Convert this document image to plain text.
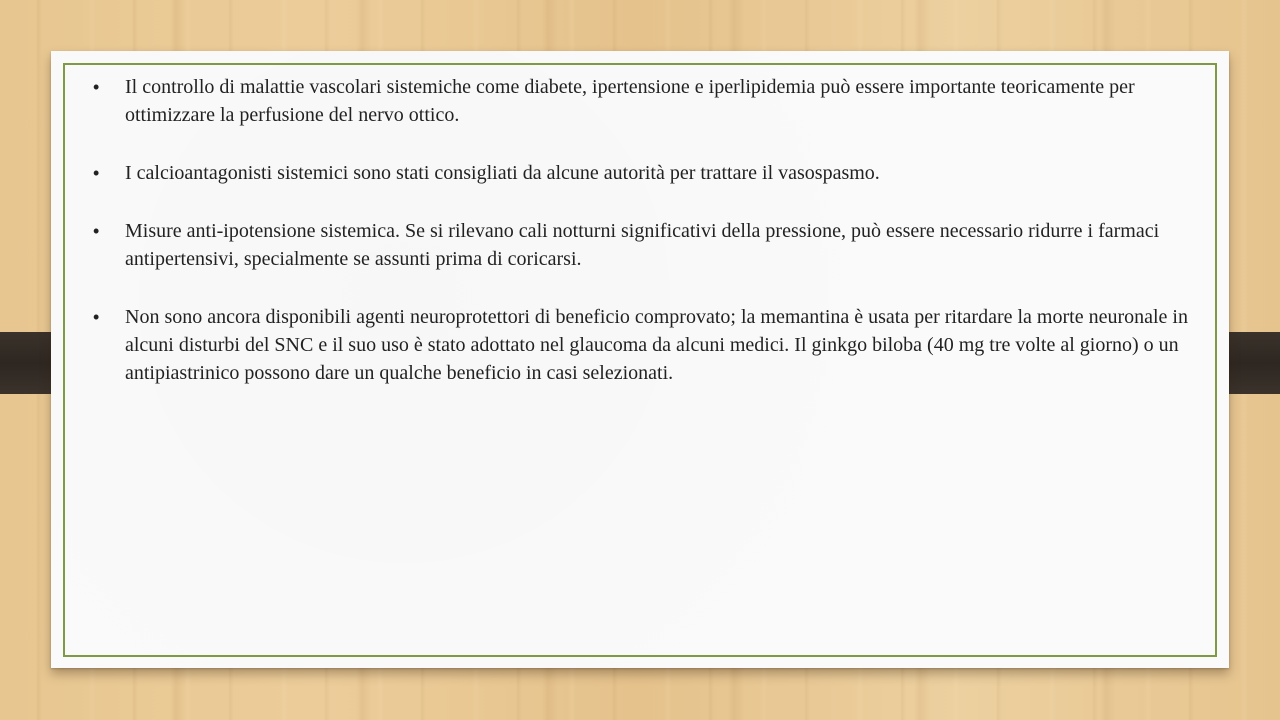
• Il controllo di malattie vascolari sistemiche come diabete, ipertensione e iperlipidemia può essere importante teoricamente per ottimizzare la perfusione del nervo ottico.
• I calcioantagonisti sistemici sono stati consigliati da alcune autorità per trattare il vasospasmo.
• Misure anti-ipotensione sistemica. Se si rilevano cali notturni significativi della pressione, può essere necessario ridurre i farmaci antipertensivi, specialmente se assunti prima di coricarsi.
• Non sono ancora disponibili agenti neuroprotettori di beneficio comprovato; la memantina è usata per ritardare la morte neuronale in alcuni disturbi del SNC e il suo uso è stato adottato nel glaucoma da alcuni medici. Il ginkgo biloba (40 mg tre volte al giorno) o un antipiastrinico possono dare un qualche beneficio in casi selezionati.
